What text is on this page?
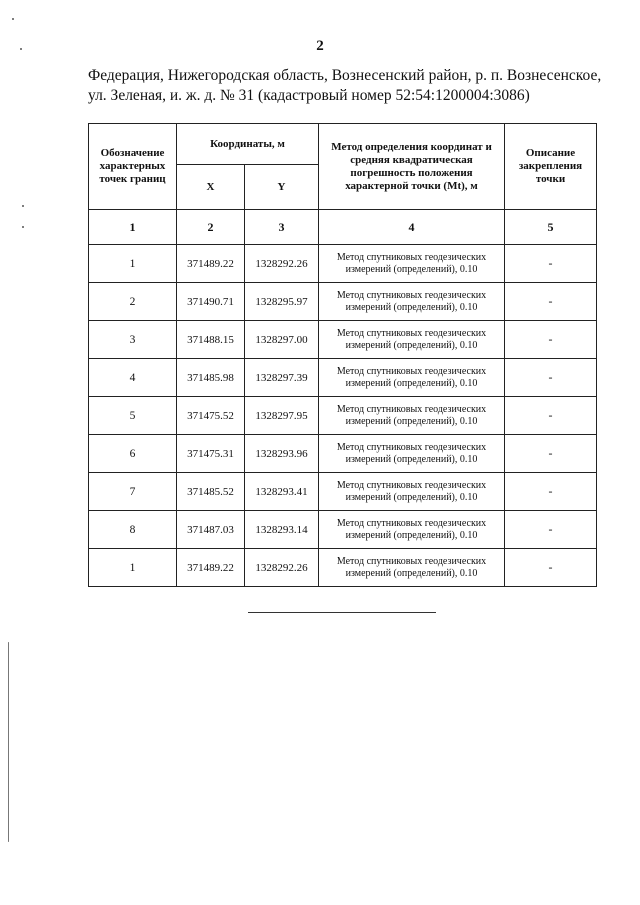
2
Федерация, Нижегородская область, Вознесенский район, р. п. Вознесенское,
ул. Зеленая, и. ж. д. № 31 (кадастровый номер 52:54:1200004:3086)
Обозначение характерных точек границ	Координаты, м		Метод определения координат и средняя квадратическая погрешность положения характерной точки (Mt), м	Описание закрепления точки
	X	Y		
1	2	3	4	5
1	371489.22	1328292.26	Метод спутниковых геодезических измерений (определений), 0.10	-
2	371490.71	1328295.97	Метод спутниковых геодезических измерений (определений), 0.10	-
3	371488.15	1328297.00	Метод спутниковых геодезических измерений (определений), 0.10	-
4	371485.98	1328297.39	Метод спутниковых геодезических измерений (определений), 0.10	-
5	371475.52	1328297.95	Метод спутниковых геодезических измерений (определений), 0.10	-
6	371475.31	1328293.96	Метод спутниковых геодезических измерений (определений), 0.10	-
7	371485.52	1328293.41	Метод спутниковых геодезических измерений (определений), 0.10	-
8	371487.03	1328293.14	Метод спутниковых геодезических измерений (определений), 0.10	-
1	371489.22	1328292.26	Метод спутниковых геодезических измерений (определений), 0.10	-
